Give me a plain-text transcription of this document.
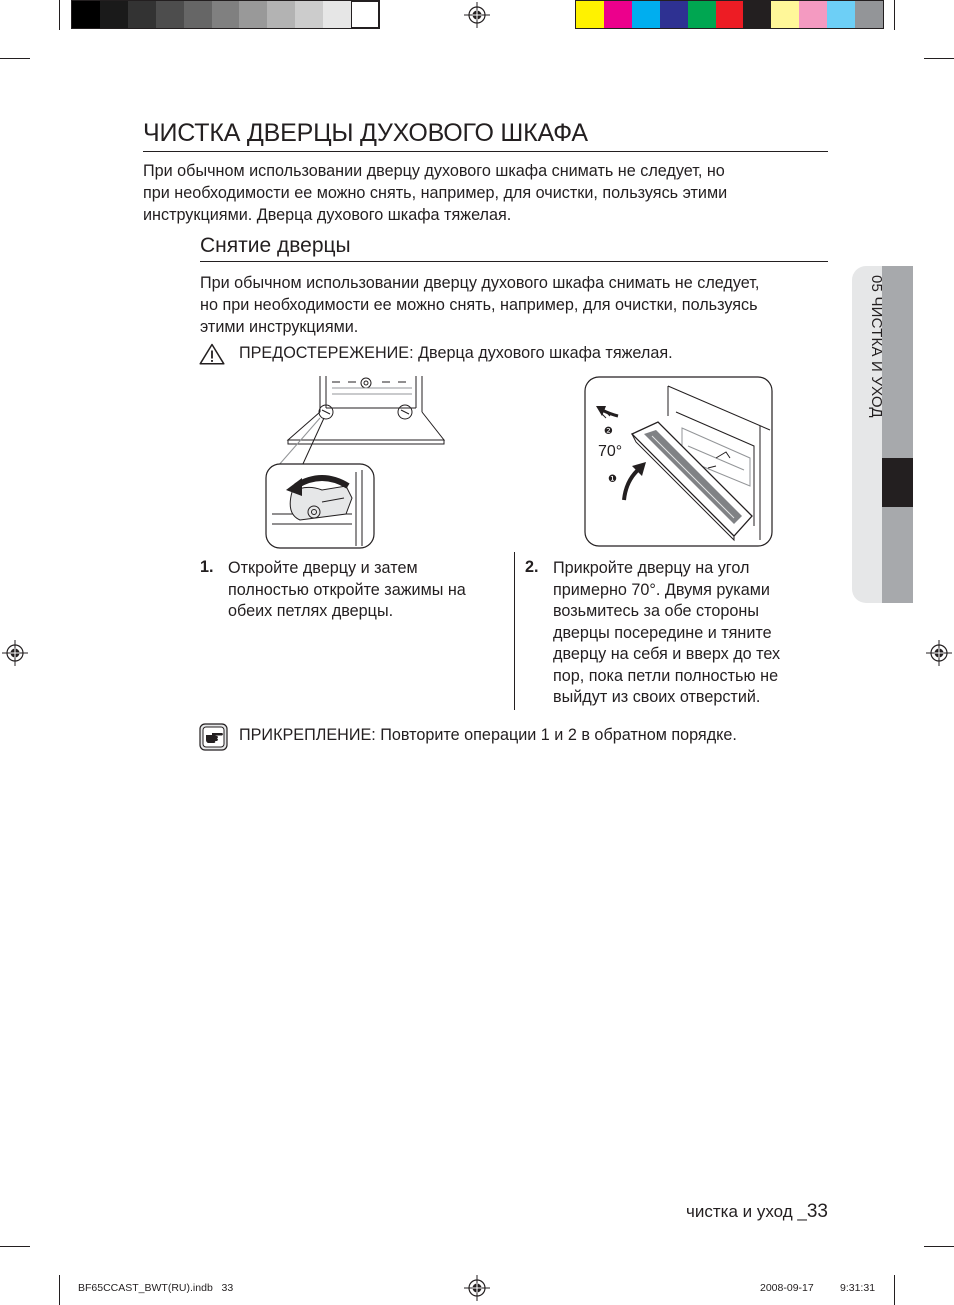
05 ЧИСТКА И УХОД
ЧИСТКА ДВЕРЦЫ ДУХОВОГО ШКАФА
При обычном использовании дверцу духового шкафа снимать не следует, но
при необходимости ее можно снять, например, для очистки, пользуясь этими
инструкциями. Дверца духового шкафа тяжелая.
Снятие дверцы
При обычном использовании дверцу духового шкафа снимать не следует,
но при необходимости ее можно снять, например, для очистки, пользуясь
этими инструкциями.
ПРЕДОСТЕРЕЖЕНИЕ: Дверца духового шкафа тяжелая.
❷
❶
70°
1. Откройте дверцу и затем
полностью откройте зажимы на
обеих петлях дверцы.
2. Прикройте дверцу на угол
примерно 70°. Двумя руками
возьмитесь за обе стороны
дверцы посередине и тяните
дверцу на себя и вверх до тех
пор, пока петли полностью не
выйдут из своих отверстий.
ПРИКРЕПЛЕНИЕ: Повторите операции 1 и 2 в обратном порядке.
чистка и уход _33
BF65CCAST_BWT(RU).indb   33	2008-09-17	9:31:31
